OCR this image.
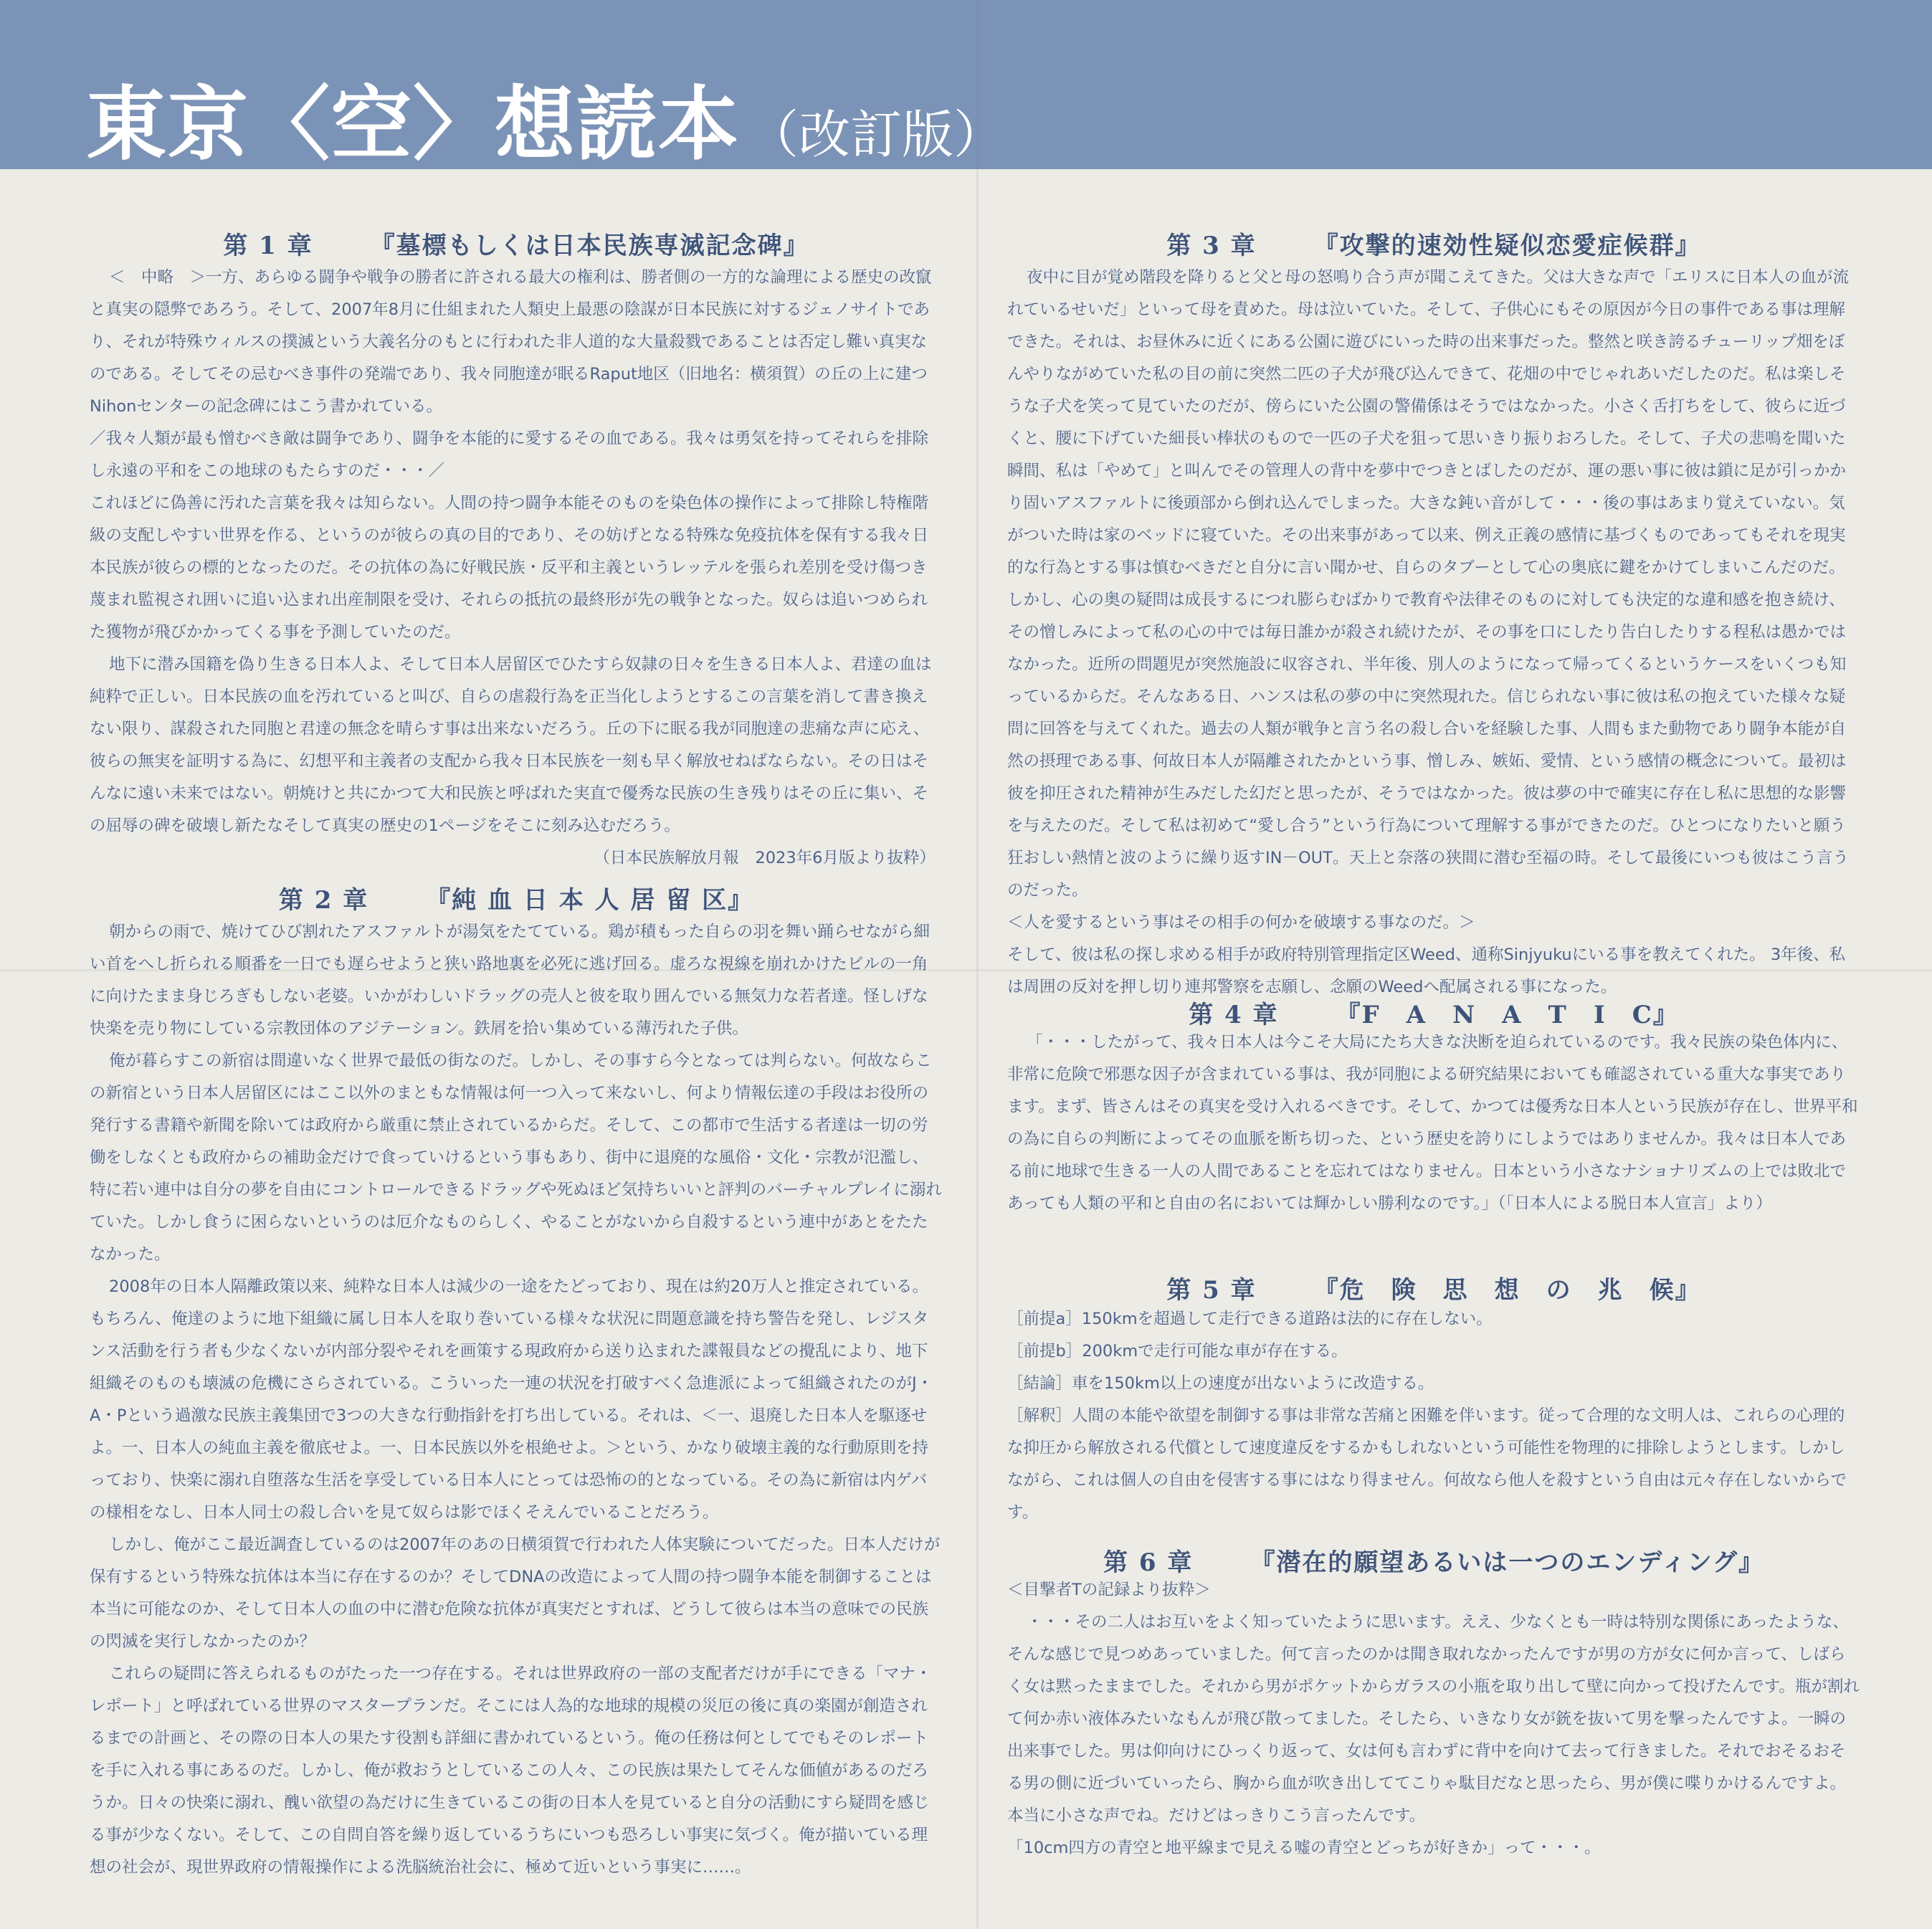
東京〈空〉想読本 （改訂版）
第 1 章 『墓標もしくは日本民族専滅記念碑』

＜　中略　＞一方、あらゆる闘争や戦争の勝者に許される最大の権利は、勝者側の一方的な論理による歴史の改竄と真実の隠弊であろう。そして、2007年8月に仕組まれた人類史上最悪の陰謀が日本民族に対するジェノサイトであり、それが特殊ウィルスの撲滅という大義名分のもとに行われた非人道的な大量殺戮であることは否定し難い真実なのである。そしてその忌むべき事件の発端であり、我々同胞達が眠るRaput地区（旧地名：横須賀）の丘の上に建つNihonセンターの記念碑にはこう書かれている。

／我々人類が最も憎むべき敵は闘争であり、闘争を本能的に愛するその血である。我々は勇気を持ってそれらを排除し永遠の平和をこの地球のもたらすのだ・・・／

これほどに偽善に汚れた言葉を我々は知らない。人間の持つ闘争本能そのものを染色体の操作によって排除し特権階級の支配しやすい世界を作る、というのが彼らの真の目的であり、その妨げとなる特殊な免疫抗体を保有する我々日本民族が彼らの標的となったのだ。その抗体の為に好戦民族・反平和主義というレッテルを張られ差別を受け傷つき蔑まれ監視され囲いに追い込まれ出産制限を受け、それらの抵抗の最終形が先の戦争となった。奴らは追いつめられた獲物が飛びかかってくる事を予測していたのだ。

地下に潜み国籍を偽り生きる日本人よ、そして日本人居留区でひたすら奴隷の日々を生きる日本人よ、君達の血は純粋で正しい。日本民族の血を汚れていると叫び、自らの虐殺行為を正当化しようとするこの言葉を消して書き換えない限り、謀殺された同胞と君達の無念を晴らす事は出来ないだろう。丘の下に眠る我が同胞達の悲痛な声に応え、彼らの無実を証明する為に、幻想平和主義者の支配から我々日本民族を一刻も早く解放せねばならない。その日はそんなに遠い未来ではない。朝焼けと共にかつて大和民族と呼ばれた実直で優秀な民族の生き残りはその丘に集い、その屈辱の碑を破壊し新たなそして真実の歴史の1ページをそこに刻み込むだろう。

（日本民族解放月報　2023年6月版より抜粋）

第 2 章 『純 血 日 本 人 居 留 区』

朝からの雨で、焼けてひび割れたアスファルトが湯気をたてている。鶏が積もった自らの羽を舞い踊らせながら細い首をへし折られる順番を一日でも遅らせようと狭い路地裏を必死に逃げ回る。虚ろな視線を崩れかけたビルの一角に向けたまま身じろぎもしない老婆。いかがわしいドラッグの売人と彼を取り囲んでいる無気力な若者達。怪しげな快楽を売り物にしている宗教団体のアジテーション。鉄屑を拾い集めている薄汚れた子供。

俺が暮らすこの新宿は間違いなく世界で最低の街なのだ。しかし、その事すら今となっては判らない。何故ならこの新宿という日本人居留区にはここ以外のまともな情報は何一つ入って来ないし、何より情報伝達の手段はお役所の発行する書籍や新聞を除いては政府から厳重に禁止されているからだ。そして、この都市で生活する者達は一切の労働をしなくとも政府からの補助金だけで食っていけるという事もあり、街中に退廃的な風俗・文化・宗教が氾濫し、特に若い連中は自分の夢を自由にコントロールできるドラッグや死ぬほど気持ちいいと評判のバーチャルプレイに溺れていた。しかし食うに困らないというのは厄介なものらしく、やることがないから自殺するという連中があとをたたなかった。

2008年の日本人隔離政策以来、純粋な日本人は減少の一途をたどっており、現在は約20万人と推定されている。もちろん、俺達のように地下組織に属し日本人を取り巻いている様々な状況に問題意識を持ち警告を発し、レジスタンス活動を行う者も少なくないが内部分裂やそれを画策する現政府から送り込まれた諜報員などの攪乱により、地下組織そのものも壊滅の危機にさらされている。こういった一連の状況を打破すべく急進派によって組織されたのがJ・A・Pという過激な民族主義集団で3つの大きな行動指針を打ち出している。それは、＜一、退廃した日本人を駆逐せよ。一、日本人の純血主義を徹底せよ。一、日本民族以外を根絶せよ。＞という、かなり破壊主義的な行動原則を持っており、快楽に溺れ自堕落な生活を享受している日本人にとっては恐怖の的となっている。その為に新宿は内ゲバの様相をなし、日本人同士の殺し合いを見て奴らは影でほくそえんでいることだろう。

しかし、俺がここ最近調査しているのは2007年のあの日横須賀で行われた人体実験についてだった。日本人だけが保有するという特殊な抗体は本当に存在するのか？そしてDNAの改造によって人間の持つ闘争本能を制御することは本当に可能なのか、そして日本人の血の中に潜む危険な抗体が真実だとすれば、どうして彼らは本当の意味での民族の閃滅を実行しなかったのか？

これらの疑問に答えられるものがたった一つ存在する。それは世界政府の一部の支配者だけが手にできる「マナ・レポート」と呼ばれている世界のマスタープランだ。そこには人為的な地球的規模の災厄の後に真の楽園が創造されるまでの計画と、その際の日本人の果たす役割も詳細に書かれているという。俺の任務は何としてでもそのレポートを手に入れる事にあるのだ。しかし、俺が救おうとしているこの人々、この民族は果たしてそんな価値があるのだろうか。日々の快楽に溺れ、醜い欲望の為だけに生きているこの街の日本人を見ていると自分の活動にすら疑問を感じる事が少なくない。そして、この自問自答を繰り返しているうちにいつも恐ろしい事実に気づく。俺が描いている理想の社会が、現世界政府の情報操作による洗脳統治社会に、極めて近いという事実に……。

第 3 章 『攻撃的速効性疑似恋愛症候群』

夜中に目が覚め階段を降りると父と母の怒鳴り合う声が聞こえてきた。父は大きな声で「エリスに日本人の血が流れているせいだ」といって母を責めた。母は泣いていた。そして、子供心にもその原因が今日の事件である事は理解できた。それは、お昼休みに近くにある公園に遊びにいった時の出来事だった。整然と咲き誇るチューリップ畑をぼんやりながめていた私の目の前に突然二匹の子犬が飛び込んできて、花畑の中でじゃれあいだしたのだ。私は楽しそうな子犬を笑って見ていたのだが、傍らにいた公園の警備係はそうではなかった。小さく舌打ちをして、彼らに近づくと、腰に下げていた細長い棒状のもので一匹の子犬を狙って思いきり振りおろした。そして、子犬の悲鳴を聞いた瞬間、私は「やめて」と叫んでその管理人の背中を夢中でつきとばしたのだが、運の悪い事に彼は鎖に足が引っかかり固いアスファルトに後頭部から倒れ込んでしまった。大きな鈍い音がして・・・後の事はあまり覚えていない。気がついた時は家のベッドに寝ていた。その出来事があって以来、例え正義の感情に基づくものであってもそれを現実的な行為とする事は慎むべきだと自分に言い聞かせ、自らのタブーとして心の奥底に鍵をかけてしまいこんだのだ。しかし、心の奥の疑問は成長するにつれ膨らむばかりで教育や法律そのものに対しても決定的な違和感を抱き続け、その憎しみによって私の心の中では毎日誰かが殺され続けたが、その事を口にしたり告白したりする程私は愚かではなかった。近所の問題児が突然施設に収容され、半年後、別人のようになって帰ってくるというケースをいくつも知っているからだ。そんなある日、ハンスは私の夢の中に突然現れた。信じられない事に彼は私の抱えていた様々な疑問に回答を与えてくれた。過去の人類が戦争と言う名の殺し合いを経験した事、人間もまた動物であり闘争本能が自然の摂理である事、何故日本人が隔離されたかという事、憎しみ、嫉妬、愛情、という感情の概念について。最初は彼を抑圧された精神が生みだした幻だと思ったが、そうではなかった。彼は夢の中で確実に存在し私に思想的な影響を与えたのだ。そして私は初めて“愛し合う”という行為について理解する事ができたのだ。ひとつになりたいと願う狂おしい熱情と波のように繰り返すIN－OUT。天上と奈落の狭間に潜む至福の時。そして最後にいつも彼はこう言うのだった。

＜人を愛するという事はその相手の何かを破壊する事なのだ。＞

そして、彼は私の探し求める相手が政府特別管理指定区Weed、通称Sinjyukuにいる事を教えてくれた。 3年後、私は周囲の反対を押し切り連邦警察を志願し、念願のWeedへ配属される事になった。

第 4 章 『F　A　N　A　T　I　C』

「・・・したがって、我々日本人は今こそ大局にたち大きな決断を迫られているのです。我々民族の染色体内に、非常に危険で邪悪な因子が含まれている事は、我が同胞による研究結果においても確認されている重大な事実であります。まず、皆さんはその真実を受け入れるべきです。そして、かつては優秀な日本人という民族が存在し、世界平和の為に自らの判断によってその血脈を断ち切った、という歴史を誇りにしようではありませんか。我々は日本人である前に地球で生きる一人の人間であることを忘れてはなりません。日本という小さなナショナリズムの上では敗北であっても人類の平和と自由の名においては輝かしい勝利なのです。」（「日本人による脱日本人宣言」より）

第 5 章 『危　険　思　想　の　兆　候』

［前提a］150kmを超過して走行できる道路は法的に存在しない。

［前提b］200kmで走行可能な車が存在する。

［結論］車を150km以上の速度が出ないように改造する。

［解釈］人間の本能や欲望を制御する事は非常な苦痛と困難を伴います。従って合理的な文明人は、これらの心理的な抑圧から解放される代償として速度違反をするかもしれないという可能性を物理的に排除しようとします。しかしながら、これは個人の自由を侵害する事にはなり得ません。何故なら他人を殺すという自由は元々存在しないからです。

第 6 章 『潜在的願望あるいは一つのエンディング』

＜目撃者Tの記録より抜粋＞

・・・その二人はお互いをよく知っていたように思います。ええ、少なくとも一時は特別な関係にあったような、そんな感じで見つめあっていました。何て言ったのかは聞き取れなかったんですが男の方が女に何か言って、しばらく女は黙ったままでした。それから男がポケットからガラスの小瓶を取り出して壁に向かって投げたんです。瓶が割れて何か赤い液体みたいなもんが飛び散ってました。そしたら、いきなり女が銃を抜いて男を撃ったんですよ。一瞬の出来事でした。男は仰向けにひっくり返って、女は何も言わずに背中を向けて去って行きました。それでおそるおそる男の側に近づいていったら、胸から血が吹き出しててこりゃ駄目だなと思ったら、男が僕に喋りかけるんですよ。本当に小さな声でね。だけどはっきりこう言ったんです。

「10cm四方の青空と地平線まで見える嘘の青空とどっちが好きか」って・・・。
